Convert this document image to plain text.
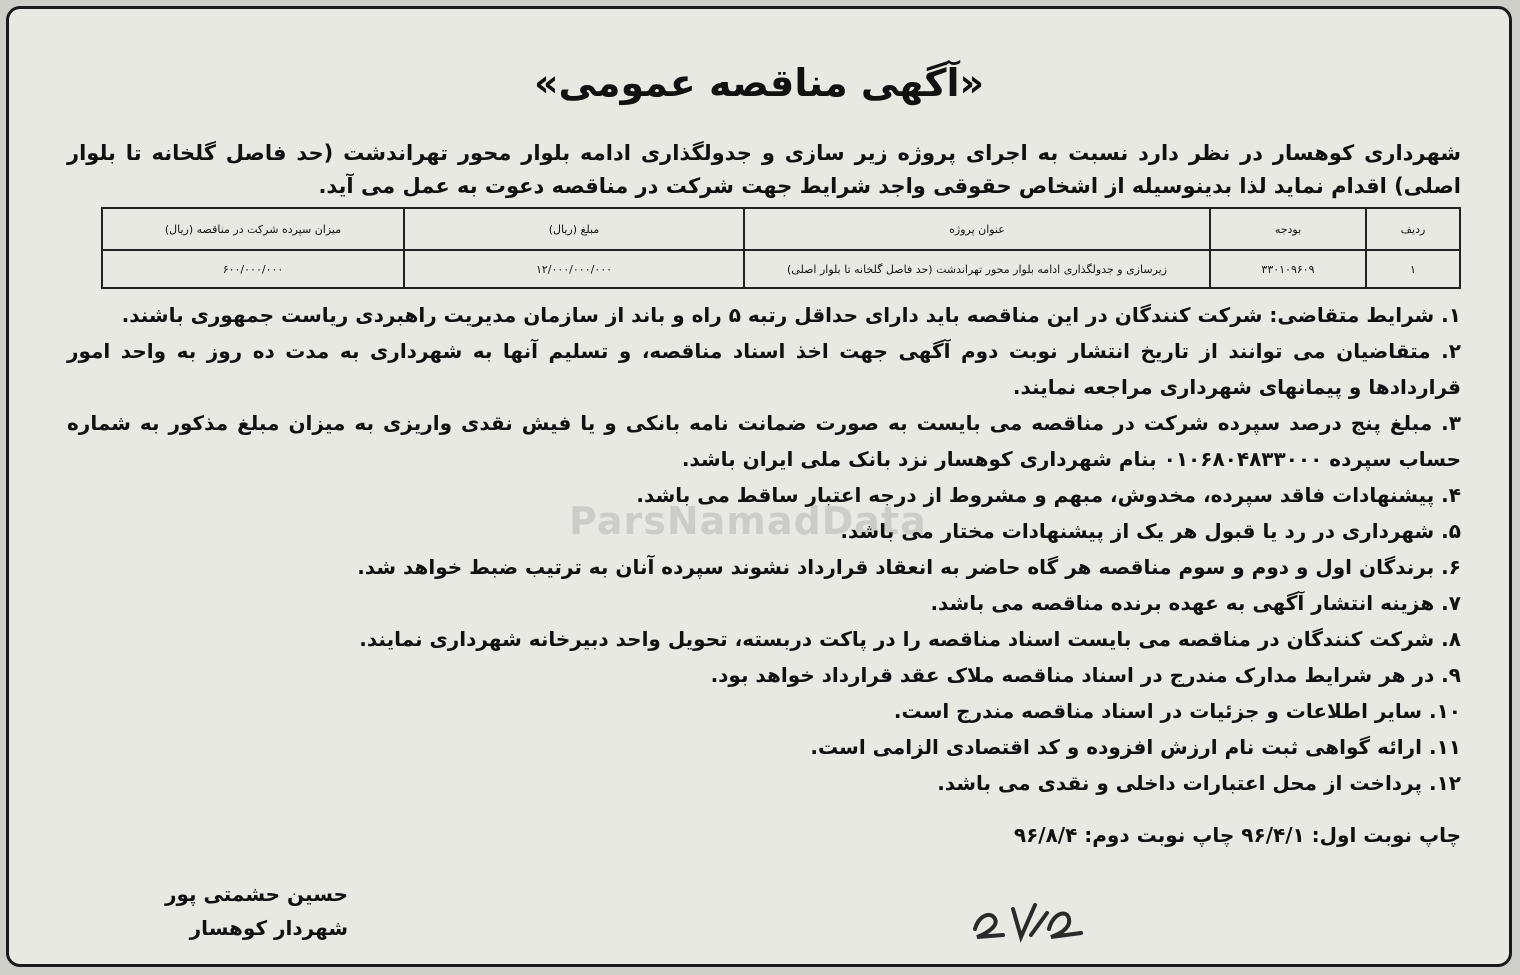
ParsNamadData
«آگهی مناقصه عمومی»
شهرداری کوهسار در نظر دارد نسبت به اجرای پروژه زیر سازی و جدولگذاری ادامه بلوار محور تهراندشت (حد فاصل گلخانه تا بلوار اصلی) اقدام نماید لذا بدینوسیله از اشخاص حقوقی واجد شرایط جهت شرکت در مناقصه دعوت به عمل می آید.
ردیف	بودجه	عنوان پروژه	مبلغ (ریال)	میزان سپرده شرکت در مناقصه (ریال)
۱	۳۳۰۱۰۹۶۰۹	زیرسازی و جدولگذاری ادامه بلوار محور تهراندشت (حد فاصل گلخانه تا بلوار اصلی)	۱۲/۰۰۰/۰۰۰/۰۰۰	۶۰۰/۰۰۰/۰۰۰
۱. شرایط متقاضی: شرکت کنندگان در این مناقصه باید دارای حداقل رتبه ۵ راه و باند از سازمان مدیریت راهبردی ریاست جمهوری باشند.
۲. متقاضیان می توانند از تاریخ انتشار نوبت دوم آگهی جهت اخذ اسناد مناقصه، و تسلیم آنها به شهرداری به مدت ده روز به واحد امور قراردادها و پیمانهای شهرداری مراجعه نمایند.
۳. مبلغ پنج درصد سپرده شرکت در مناقصه می بایست به صورت ضمانت نامه بانکی و یا فیش نقدی واریزی به میزان مبلغ مذکور به شماره حساب سپرده ۰۱۰۶۸۰۴۸۳۳۰۰۰ بنام شهرداری کوهسار نزد بانک ملی ایران باشد.
۴. پیشنهادات فاقد سپرده، مخدوش، مبهم و مشروط از درجه اعتبار ساقط می باشد.
۵. شهرداری در رد یا قبول هر یک از پیشنهادات مختار می باشد.
۶. برندگان اول و دوم و سوم مناقصه هر گاه حاضر به انعقاد قرارداد نشوند سپرده آنان به ترتیب ضبط خواهد شد.
۷. هزینه انتشار آگهی به عهده برنده مناقصه می باشد.
۸. شرکت کنندگان در مناقصه می بایست اسناد مناقصه را در پاکت دربسته، تحویل واحد دبیرخانه شهرداری نمایند.
۹. در هر شرایط مدارک مندرج در اسناد مناقصه ملاک عقد قرارداد خواهد بود.
۱۰. سایر اطلاعات و جزئیات در اسناد مناقصه مندرج است.
۱۱. ارائه گواهی ثبت نام ارزش افزوده و کد اقتصادی الزامی است.
۱۲. پرداخت از محل اعتبارات داخلی و نقدی می باشد.
چاپ نوبت اول: ۹۶/۴/۱ چاپ نوبت دوم: ۹۶/۸/۴
حسین حشمتی پور
شهردار کوهسار
